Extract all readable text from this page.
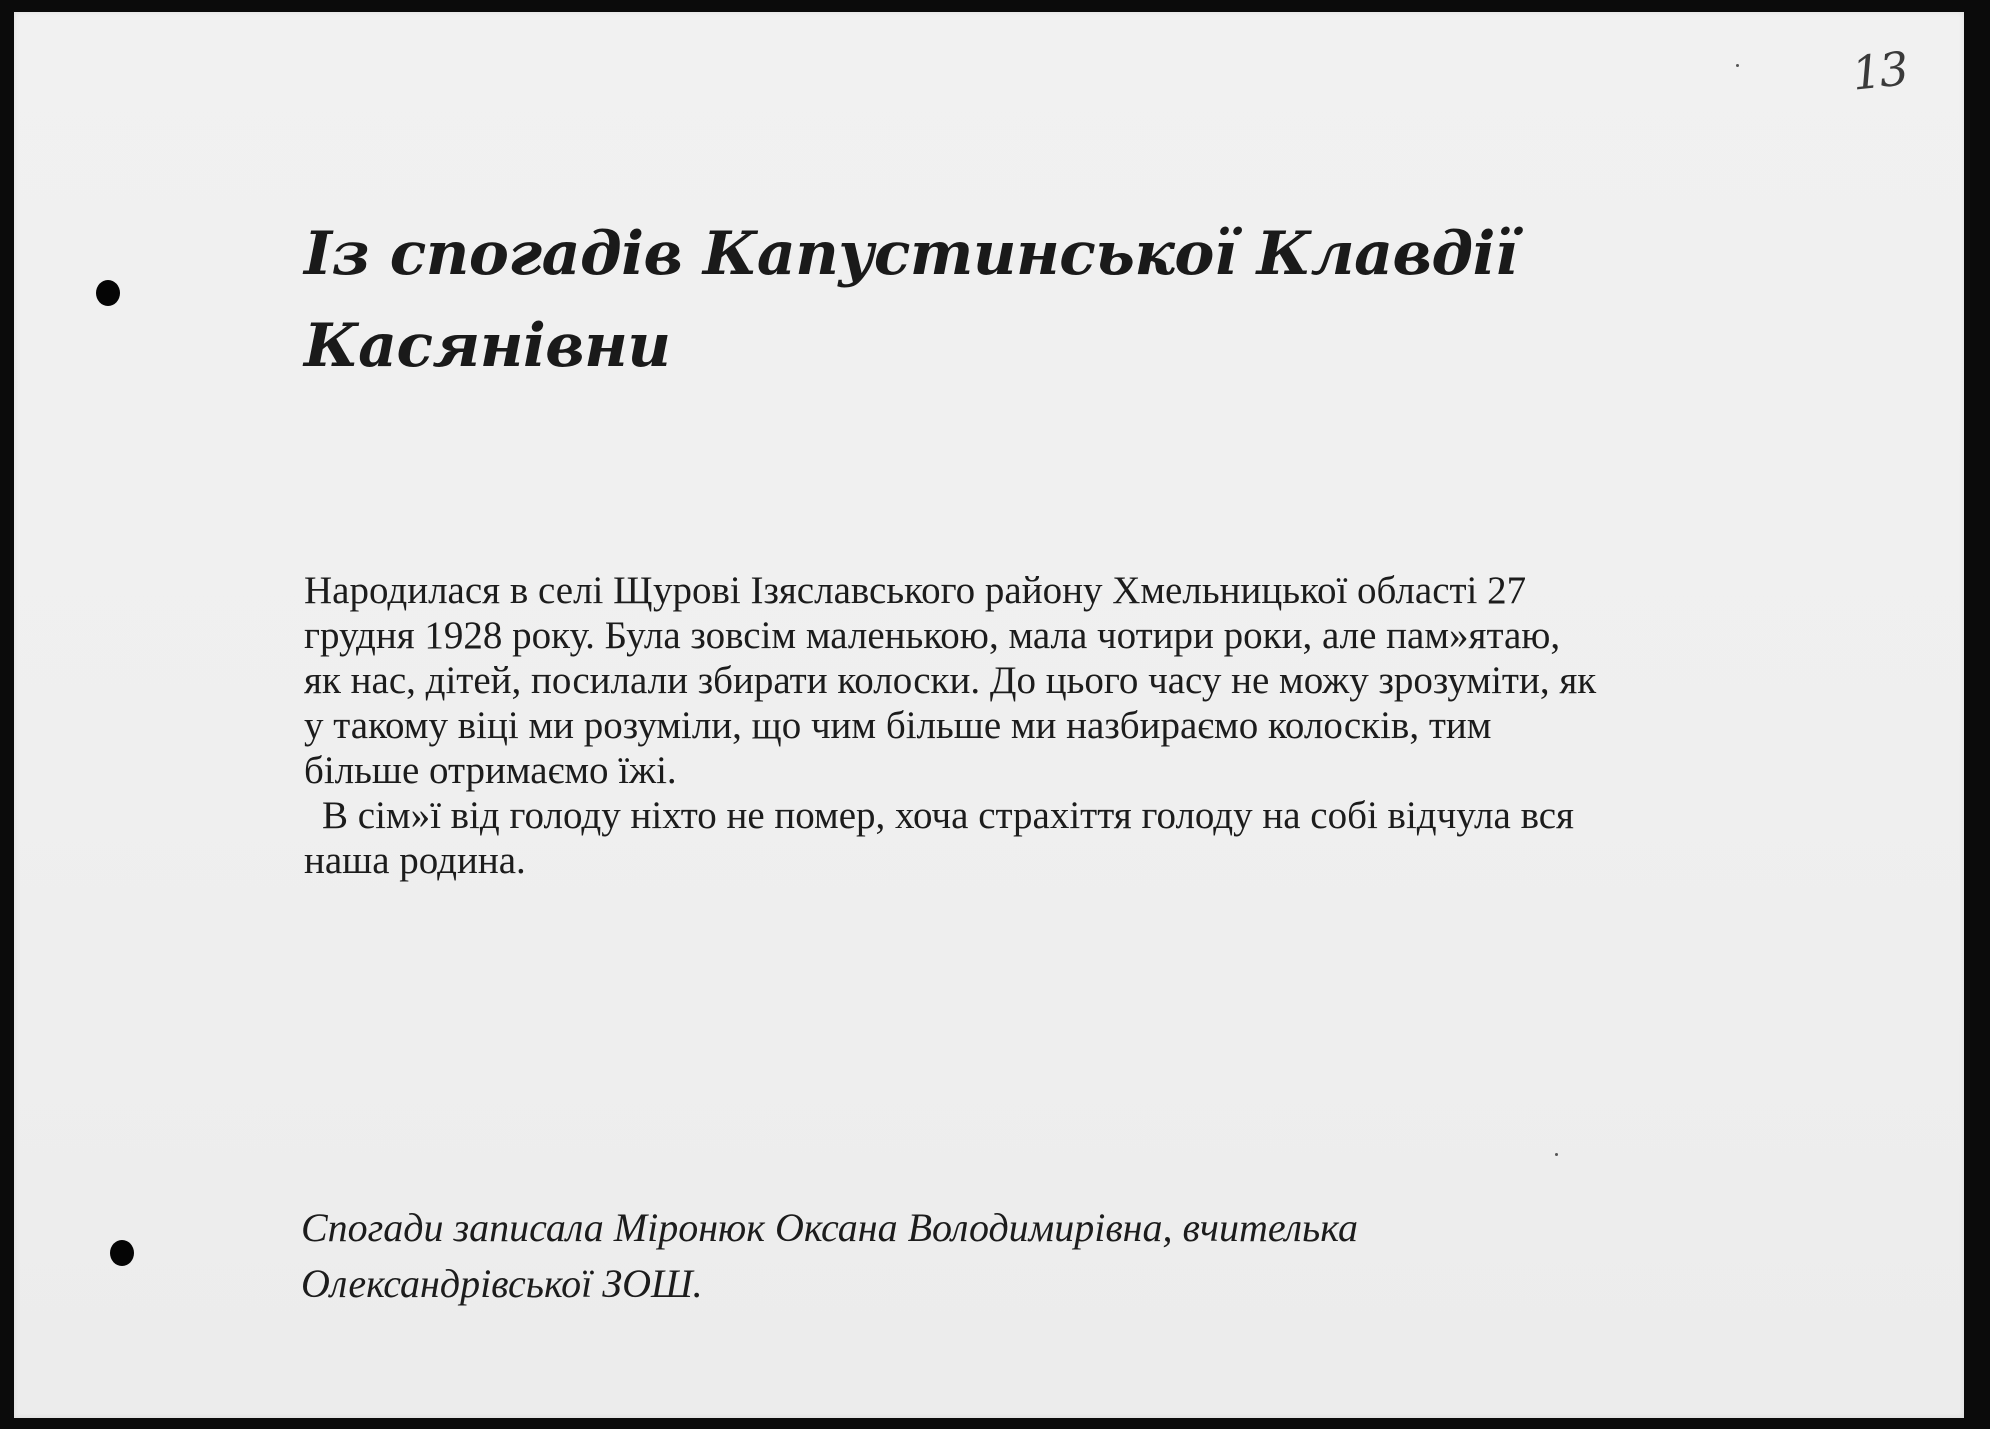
13
Із спогадів Капустинської Клавдії
Касянівни
Народилася в селі Щурові Ізяславського району Хмельницької області 27
грудня 1928 року. Була зовсім маленькою, мала чотири роки, але пам»ятаю,
як нас, дітей, посилали збирати колоски. До цього часу не можу зрозуміти, як
у такому віці ми розуміли, що чим більше ми назбираємо колосків, тим
більше отримаємо їжі.
В сім»ї від голоду ніхто не помер, хоча страхіття голоду на собі відчула вся
наша родина.
Спогади записала Міронюк Оксана Володимирівна, вчителька
Олександрівської ЗОШ.
